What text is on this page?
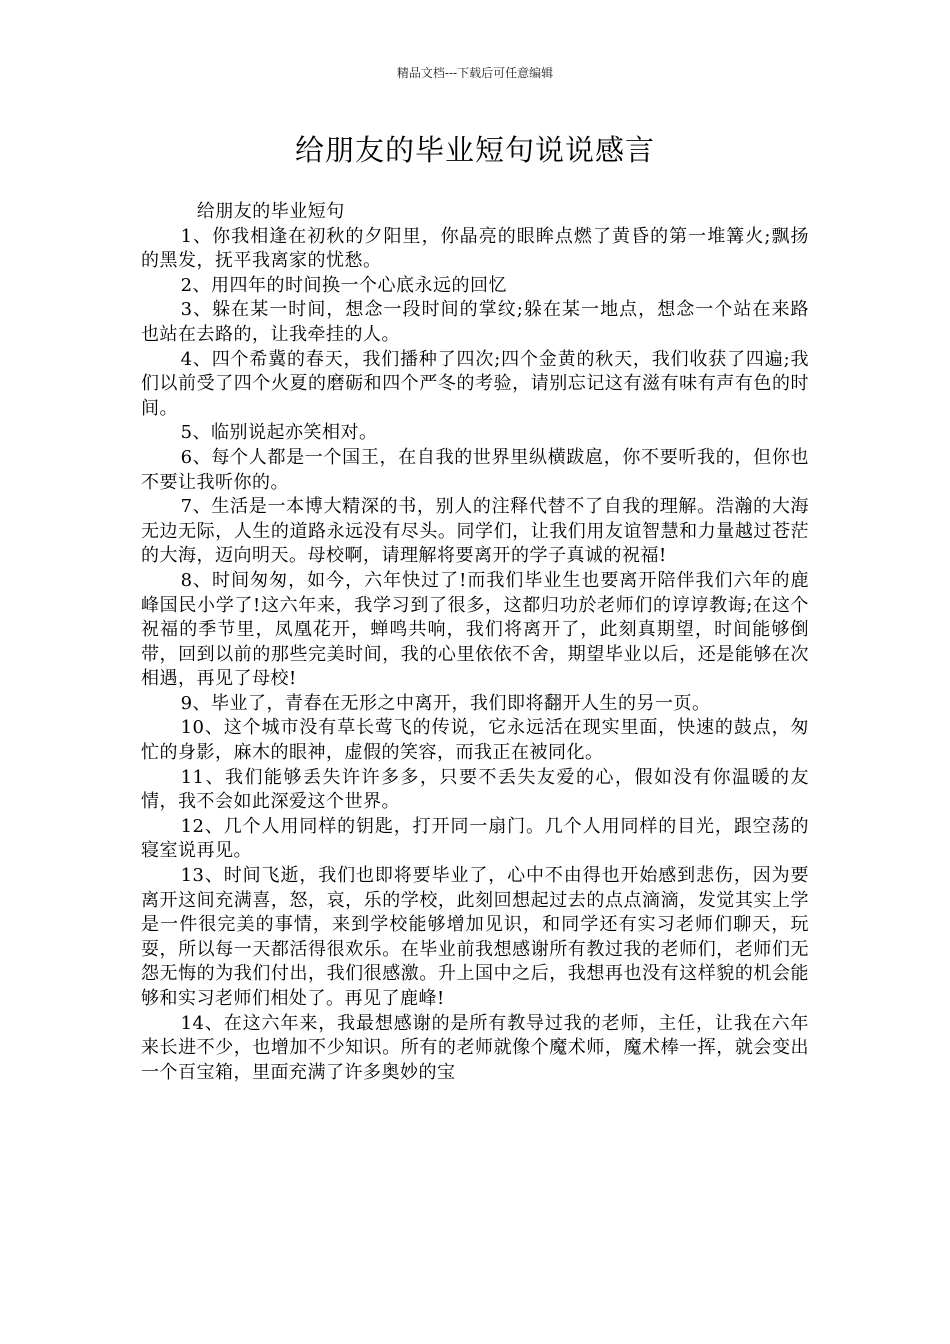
精品文档---下载后可任意编辑
给朋友的毕业短句说说感言

给朋友的毕业短句

1、你我相逢在初秋的夕阳里，你晶亮的眼眸点燃了黄昏的第一堆篝火;飘扬的黑发，抚平我离家的忧愁。

2、用四年的时间换一个心底永远的回忆

3、躲在某一时间，想念一段时间的掌纹;躲在某一地点，想念一个站在来路也站在去路的，让我牵挂的人。

4、四个希冀的春天，我们播种了四次;四个金黄的秋天，我们收获了四遍;我们以前受了四个火夏的磨砺和四个严冬的考验，请别忘记这有滋有味有声有色的时间。

5、临别说起亦笑相对。

6、每个人都是一个国王，在自我的世界里纵横跋扈，你不要听我的，但你也不要让我听你的。

7、生活是一本博大精深的书，别人的注释代替不了自我的理解。浩瀚的大海无边无际，人生的道路永远没有尽头。同学们，让我们用友谊智慧和力量越过苍茫的大海，迈向明天。母校啊，请理解将要离开的学子真诚的祝福!

8、时间匆匆，如今，六年快过了!而我们毕业生也要离开陪伴我们六年的鹿峰国民小学了!这六年来，我学习到了很多，这都归功於老师们的谆谆教诲;在这个祝福的季节里，凤凰花开，蝉鸣共响，我们将离开了，此刻真期望，时间能够倒带，回到以前的那些完美时间，我的心里依依不舍，期望毕业以后，还是能够在次相遇，再见了母校!

9、毕业了，青春在无形之中离开，我们即将翻开人生的另一页。

10、这个城市没有草长莺飞的传说，它永远活在现实里面，快速的鼓点，匆忙的身影，麻木的眼神，虚假的笑容，而我正在被同化。

11、我们能够丢失许许多多，只要不丢失友爱的心，假如没有你温暖的友情，我不会如此深爱这个世界。

12、几个人用同样的钥匙，打开同一扇门。几个人用同样的目光，跟空荡的寝室说再见。

13、时间飞逝，我们也即将要毕业了，心中不由得也开始感到悲伤，因为要离开这间充满喜，怒，哀，乐的学校，此刻回想起过去的点点滴滴，发觉其实上学是一件很完美的事情，来到学校能够增加见识，和同学还有实习老师们聊天，玩耍，所以每一天都活得很欢乐。在毕业前我想感谢所有教过我的老师们，老师们无怨无悔的为我们付出，我们很感激。升上国中之后，我想再也没有这样貌的机会能够和实习老师们相处了。再见了鹿峰!

14、在这六年来，我最想感谢的是所有教导过我的老师，主任，让我在六年来长进不少，也增加不少知识。所有的老师就像个魔术师，魔术棒一挥，就会变出一个百宝箱，里面充满了许多奥妙的宝
